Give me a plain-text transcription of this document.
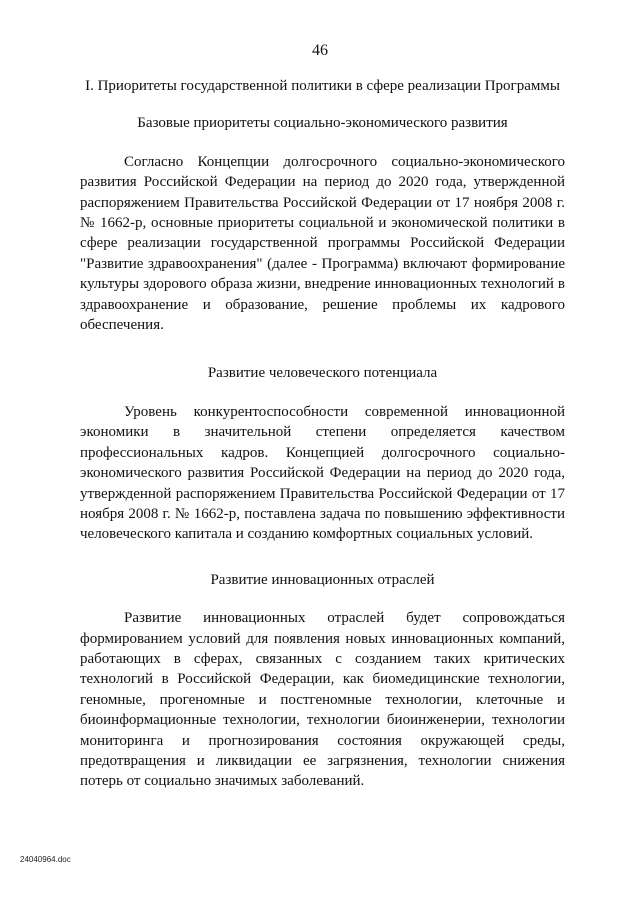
46
I. Приоритеты государственной политики в сфере реализации Программы
Базовые приоритеты социально-экономического развития

Согласно Концепции долгосрочного социально-экономического развития Российской Федерации на период до 2020 года, утвержденной распоряжением Правительства Российской Федерации от 17 ноября 2008 г. № 1662-р, основные приоритеты социальной и экономической политики в сфере реализации государственной программы Российской Федерации "Развитие здравоохранения" (далее - Программа) включают формирование культуры здорового образа жизни, внедрение инновационных технологий в здравоохранение и образование, решение проблемы их кадрового обеспечения.

Развитие человеческого потенциала

Уровень конкурентоспособности современной инновационной экономики в значительной степени определяется качеством профессиональных кадров. Концепцией долгосрочного социально-экономического развития Российской Федерации на период до 2020 года, утвержденной распоряжением Правительства Российской Федерации от 17 ноября 2008 г. № 1662-р, поставлена задача по повышению эффективности человеческого капитала и созданию комфортных социальных условий.

Развитие инновационных отраслей

Развитие инновационных отраслей будет сопровождаться формированием условий для появления новых инновационных компаний, работающих в сферах, связанных с созданием таких критических технологий в Российской Федерации, как биомедицинские технологии, геномные, прогеномные и постгеномные технологии, клеточные и биоинформационные технологии, технологии биоинженерии, технологии мониторинга и прогнозирования состояния окружающей среды, предотвращения и ликвидации ее загрязнения, технологии снижения потерь от социально значимых заболеваний.

24040964.doc
